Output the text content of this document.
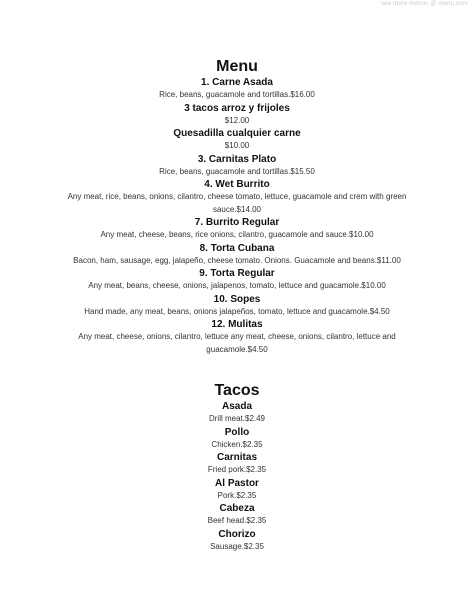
see more menus @ menu.com
Menu

1. Carne Asada

Rice, beans, guacamole and tortillas.$16.00

3 tacos arroz y frijoles

$12.00

Quesadilla cualquier carne

$10.00

3. Carnitas Plato

Rice, beans, guacamole and tortillas.$15.50

4. Wet Burrito

Any meat, rice, beans, onions, cilantro, cheese tomato, lettuce, guacamole and crem with green sauce.$14.00

7. Burrito Regular

Any meat, cheese, beans, rice onions, cilantro, guacamole and sauce.$10.00

8. Torta Cubana

Bacon, ham, sausage, egg, jalapeño, cheese tomato. Onions. Guacamole and beans.$11.00

9. Torta Regular

Any meat, beans, cheese, onions, jalapenos, tomato, lettuce and guacamole.$10.00

10. Sopes

Hand made, any meat, beans, onions jalapeños, tomato, lettuce and guacamole.$4.50

12. Mulitas

Any meat, cheese, onions, cilantro, lettuce any meat, cheese, onions, cilantro, lettuce and guacamole.$4.50

Tacos

Asada

Drill meat.$2.49

Pollo

Chicken.$2.35

Carnitas

Fried pork.$2.35

Al Pastor

Pork.$2.35

Cabeza

Beef head.$2.35

Chorizo

Sausage.$2.35
